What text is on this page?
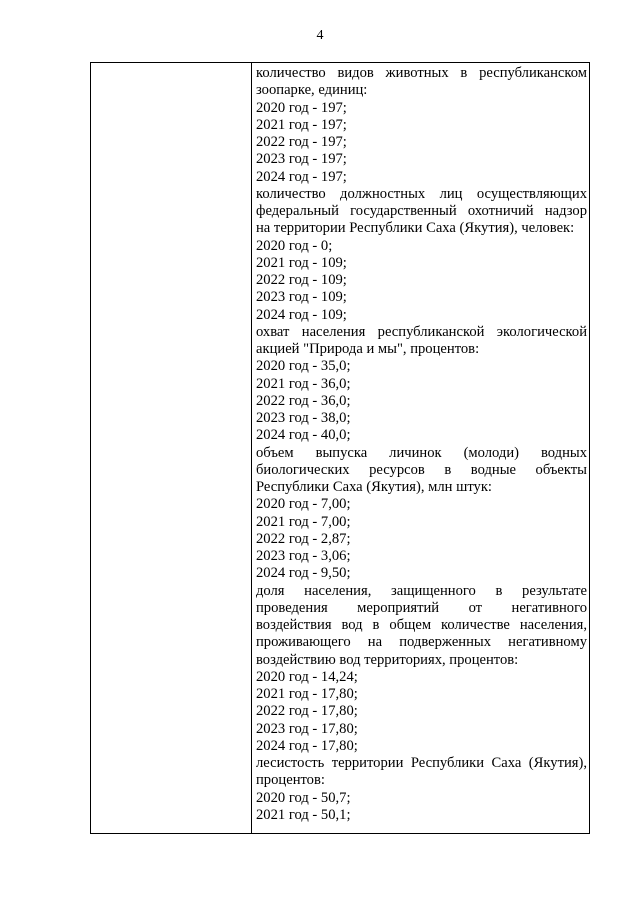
4
количество видов животных в республиканском
зоопарке, единиц:
2020 год - 197;
2021 год - 197;
2022 год - 197;
2023 год - 197;
2024 год - 197;
количество должностных лиц осуществляющих
федеральный государственный охотничий надзор
на территории Республики Саха (Якутия), человек:
2020 год - 0;
2021 год - 109;
2022 год - 109;
2023 год - 109;
2024 год - 109;
охват населения республиканской экологической
акцией "Природа и мы", процентов:
2020 год - 35,0;
2021 год - 36,0;
2022 год - 36,0;
2023 год - 38,0;
2024 год - 40,0;
объем выпуска личинок (молоди) водных
биологических ресурсов в водные объекты
Республики Саха (Якутия), млн штук:
2020 год - 7,00;
2021 год - 7,00;
2022 год - 2,87;
2023 год - 3,06;
2024 год - 9,50;
доля населения, защищенного в результате
проведения мероприятий от негативного
воздействия вод в общем количестве населения,
проживающего на подверженных негативному
воздействию вод территориях, процентов:
2020 год - 14,24;
2021 год - 17,80;
2022 год - 17,80;
2023 год - 17,80;
2024 год - 17,80;
лесистость территории Республики Саха (Якутия),
процентов:
2020 год - 50,7;
2021 год - 50,1;
